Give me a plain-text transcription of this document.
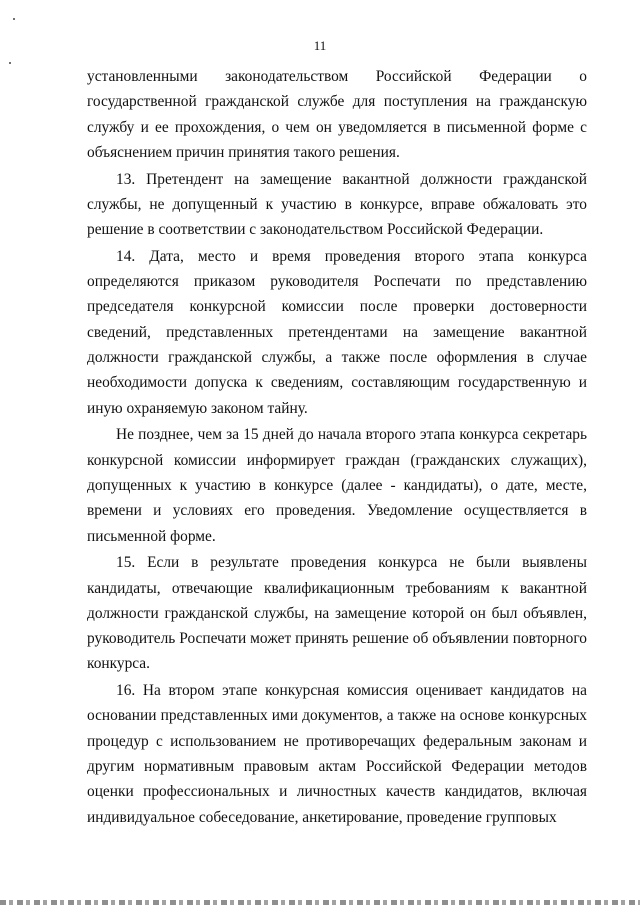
11

установленными законодательством Российской Федерации о государственной гражданской службе для поступления на гражданскую службу и ее прохождения, о чем он уведомляется в письменной форме с объяснением причин принятия такого решения.

13. Претендент на замещение вакантной должности гражданской службы, не допущенный к участию в конкурсе, вправе обжаловать это решение в соответствии с законодательством Российской Федерации.

14. Дата, место и время проведения второго этапа конкурса определяются приказом руководителя Роспечати по представлению председателя конкурсной комиссии после проверки достоверности сведений, представленных претендентами на замещение вакантной должности гражданской службы, а также после оформления в случае необходимости допуска к сведениям, составляющим государственную и иную охраняемую законом тайну.

Не позднее, чем за 15 дней до начала второго этапа конкурса секретарь конкурсной комиссии информирует граждан (гражданских служащих), допущенных к участию в конкурсе (далее - кандидаты), о дате, месте, времени и условиях его проведения. Уведомление осуществляется в письменной форме.

15. Если в результате проведения конкурса не были выявлены кандидаты, отвечающие квалификационным требованиям к вакантной должности гражданской службы, на замещение которой он был объявлен, руководитель Роспечати может принять решение об объявлении повторного конкурса.

16. На втором этапе конкурсная комиссия оценивает кандидатов на основании представленных ими документов, а также на основе конкурсных процедур с использованием не противоречащих федеральным законам и другим нормативным правовым актам Российской Федерации методов оценки профессиональных и личностных качеств кандидатов, включая индивидуальное собеседование, анкетирование, проведение групповых
